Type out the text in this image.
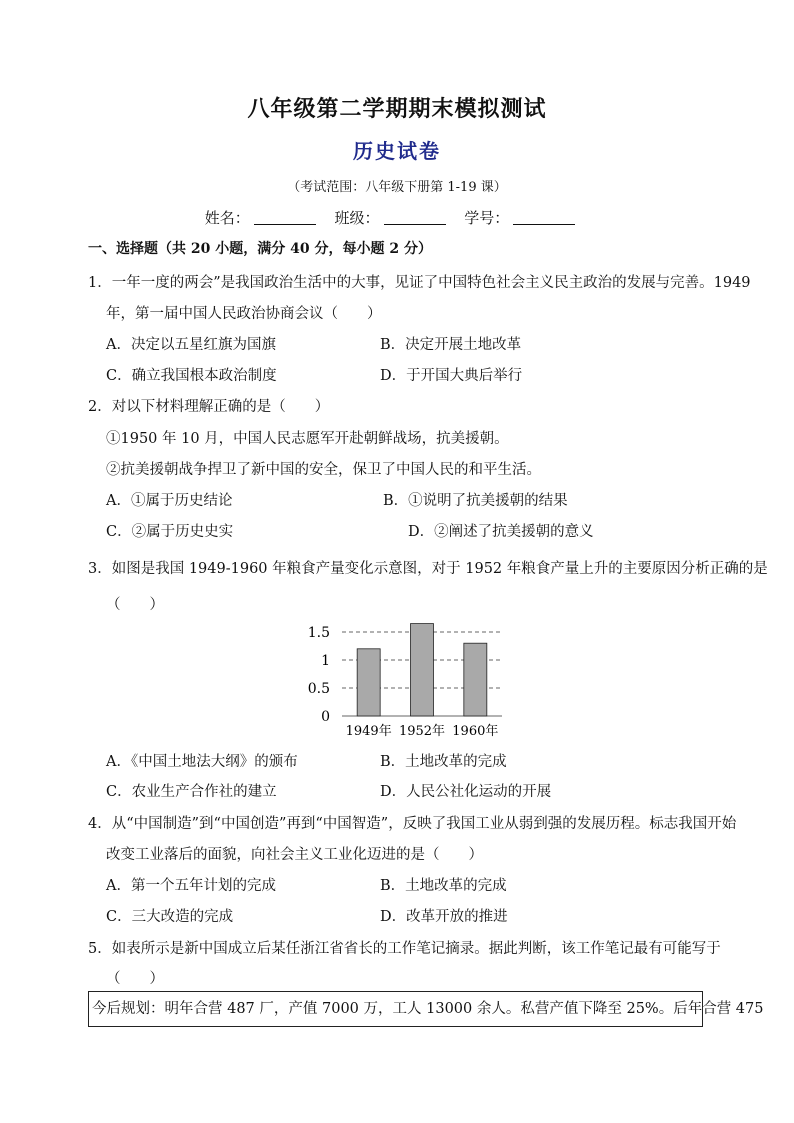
八年级第二学期期末模拟测试
历史试卷
（考试范围：八年级下册第 1-19 课）
姓名：	班级：	学号：
一、选择题（共 20 小题，满分 40 分，每小题 2 分）
1．一年一度的两会”是我国政治生活中的大事，见证了中国特色社会主义民主政治的发展与完善。1949
年，第一届中国人民政治协商会议（　　）
A．决定以五星红旗为国旗	B．决定开展土地改革
C．确立我国根本政治制度	D．于开国大典后举行
2．对以下材料理解正确的是（　　）
①1950 年 10 月，中国人民志愿军开赴朝鲜战场，抗美援朝。
②抗美援朝战争捍卫了新中国的安全，保卫了中国人民的和平生活。
A．①属于历史结论	B．①说明了抗美援朝的结果
C．②属于历史史实	D．②阐述了抗美援朝的意义
3．如图是我国 1949-1960 年粮食产量变化示意图，对于 1952 年粮食产量上升的主要原因分析正确的是
（　　）
0
0.5
1
1.5
1949年 1952年 1960年
A．《中国土地法大纲》的颁布	B．土地改革的完成
C．农业生产合作社的建立	D．人民公社化运动的开展
4．从“中国制造”到“中国创造”再到“中国智造”，反映了我国工业从弱到强的发展历程。标志我国开始
改变工业落后的面貌，向社会主义工业化迈进的是（　　）
A．第一个五年计划的完成	B．土地改革的完成
C．三大改造的完成	D．改革开放的推进
5．如表所示是新中国成立后某任浙江省省长的工作笔记摘录。据此判断，该工作笔记最有可能写于
（　　）
今后规划：明年合营 487 厂，产值 7000 万，工人 13000 余人。私营产值下降至 25%。后年合营 475
